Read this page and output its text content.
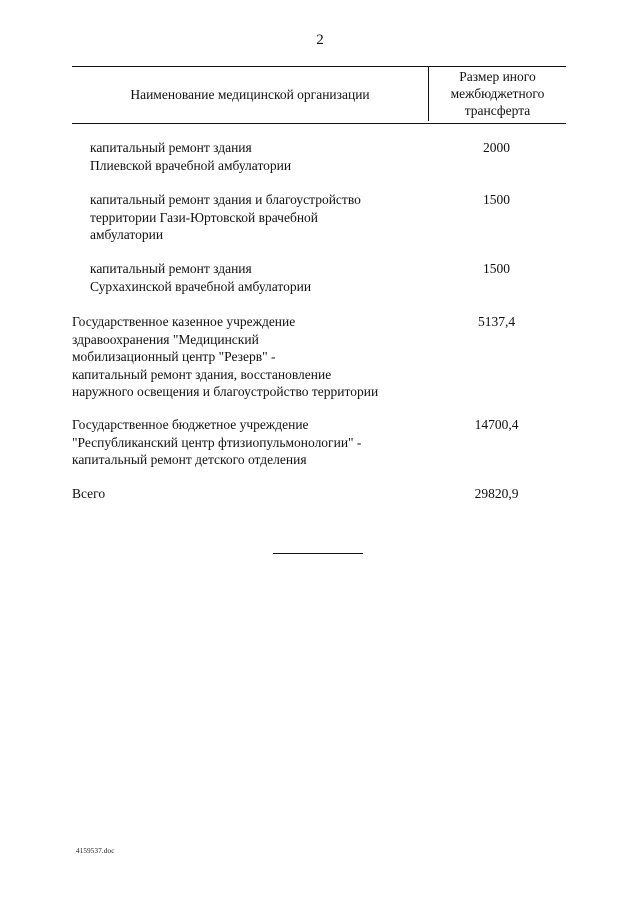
2
Наименование медицинской организации
Размер иного
межбюджетного
трансферта
капитальный ремонт здания
Плиевской врачебной амбулатории
2000
капитальный ремонт здания и благоустройство
территории Гази-Юртовской врачебной
амбулатории
1500
капитальный ремонт здания
Сурхахинской врачебной амбулатории
1500
Государственное казенное учреждение
здравоохранения "Медицинский
мобилизационный центр "Резерв" -
капитальный ремонт здания, восстановление
наружного освещения и благоустройство территории
5137,4
Государственное бюджетное учреждение
"Республиканский центр фтизиопульмонологии" -
капитальный ремонт детского отделения
14700,4
Всего	29820,9
4159537.doc
